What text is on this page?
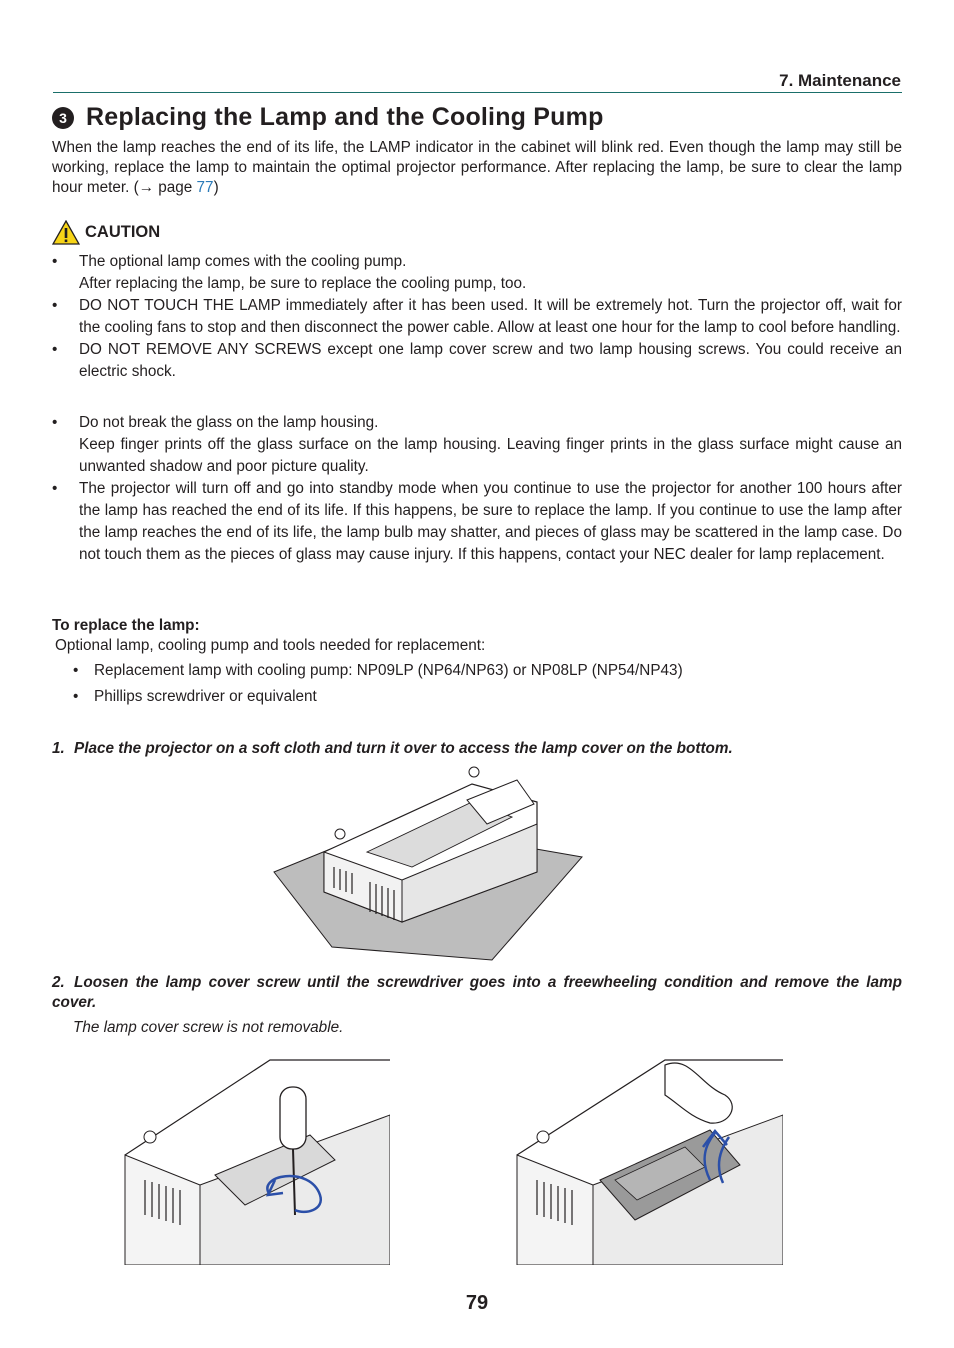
7. Maintenance
3 Replacing the Lamp and the Cooling Pump
When the lamp reaches the end of its life, the LAMP indicator in the cabinet will blink red. Even though the lamp may still be working, replace the lamp to maintain the optimal projector performance. After replacing the lamp, be sure to clear the lamp hour meter. (→ page 77)
CAUTION
•	The optional lamp comes with the cooling pump.
After replacing the lamp, be sure to replace the cooling pump, too.
•	DO NOT TOUCH THE LAMP immediately after it has been used. It will be extremely hot. Turn the projector off, wait for the cooling fans to stop and then disconnect the power cable. Allow at least one hour for the lamp to cool before handling.
•	DO NOT REMOVE ANY SCREWS except one lamp cover screw and two lamp housing screws. You could receive an electric shock.
•	Do not break the glass on the lamp housing.
Keep finger prints off the glass surface on the lamp housing. Leaving finger prints in the glass surface might cause an unwanted shadow and poor picture quality.
•	The projector will turn off and go into standby mode when you continue to use the projector for another 100 hours after the lamp has reached the end of its life. If this happens, be sure to replace the lamp. If you continue to use the lamp after the lamp reaches the end of its life, the lamp bulb may shatter, and pieces of glass may be scattered in the lamp case. Do not touch them as the pieces of glass may cause injury. If this happens, contact your NEC dealer for lamp replacement.
To replace the lamp:
Optional lamp, cooling pump and tools needed for replacement:
•	Replacement lamp with cooling pump: NP09LP (NP64/NP63) or NP08LP (NP54/NP43)
•	Phillips screwdriver or equivalent
1. Place the projector on a soft cloth and turn it over to access the lamp cover on the bottom.
2. Loosen the lamp cover screw until the screwdriver goes into a freewheeling condition and remove the lamp cover.
The lamp cover screw is not removable.
79
